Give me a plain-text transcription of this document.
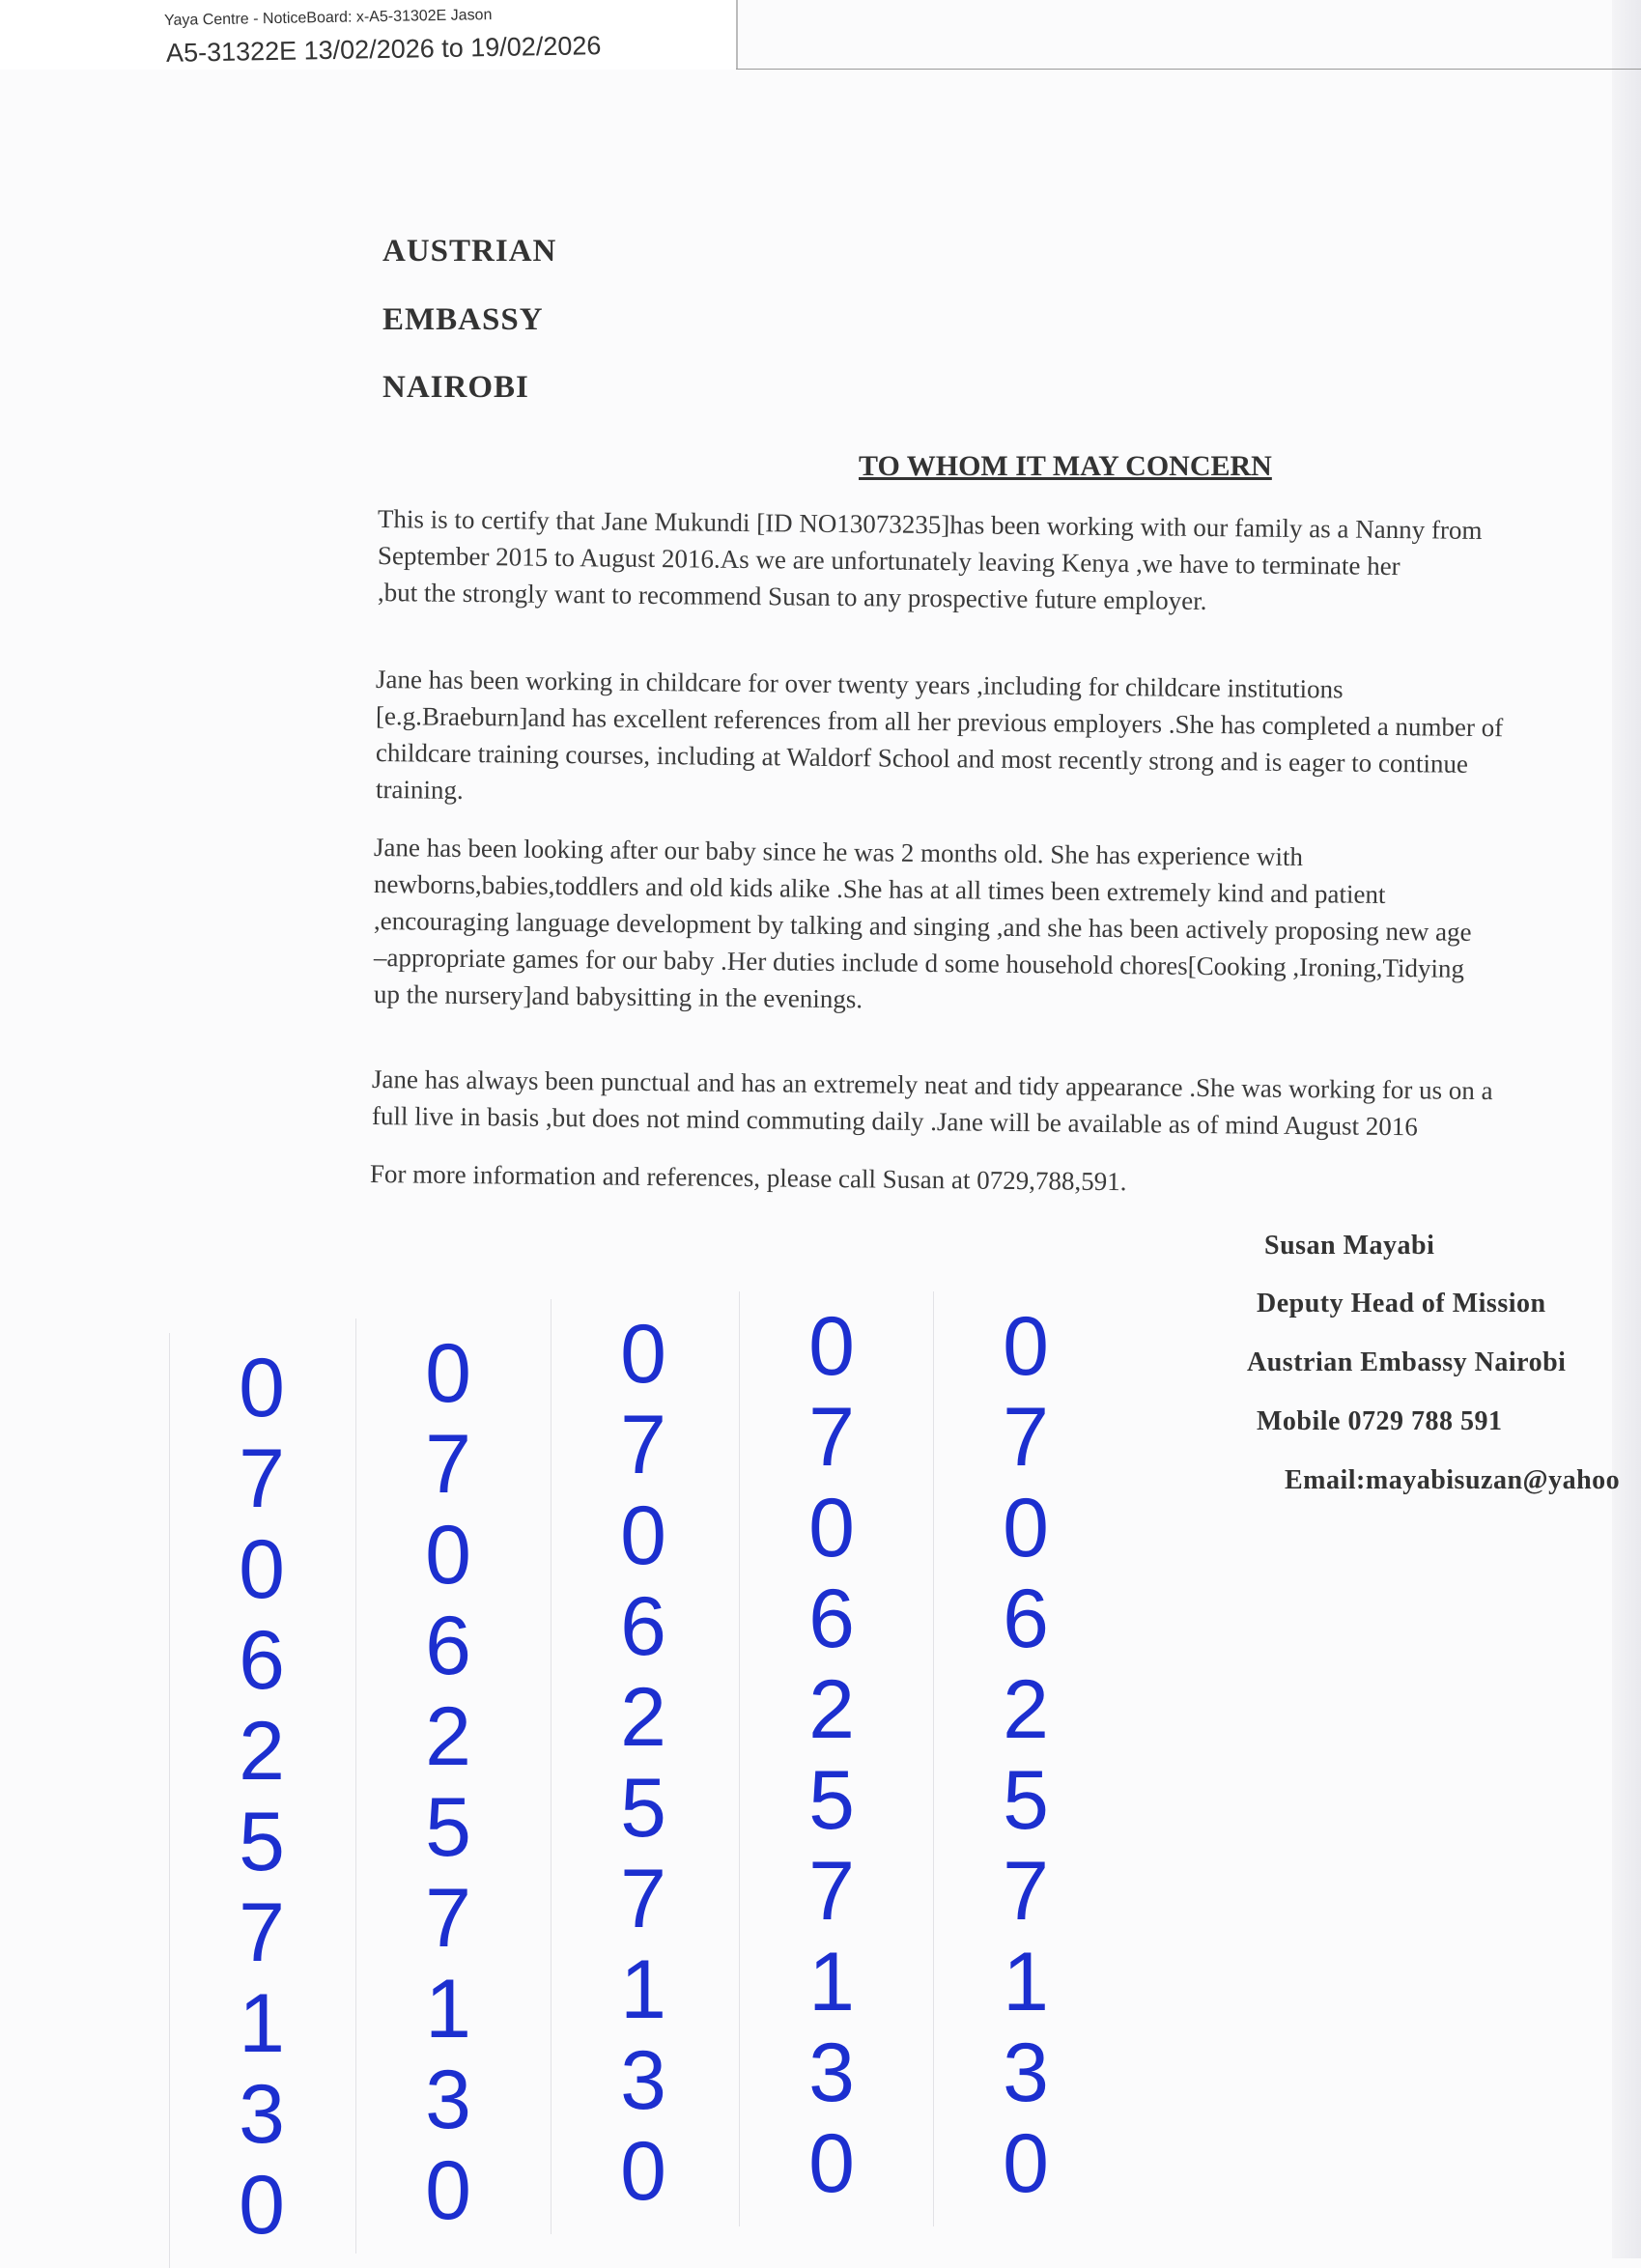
Yaya Centre - NoticeBoard: x-A5-31302E Jason
A5-31322E 13/02/2026 to 19/02/2026
AUSTRIAN
EMBASSY
NAIROBI
TO WHOM IT MAY CONCERN
This is to certify that Jane Mukundi [ID NO13073235]has been working with our family as a Nanny from
September 2015 to August 2016.As we are unfortunately leaving Kenya ,we have to terminate her
,but the strongly want to recommend Susan to any prospective future employer.
Jane has been working in childcare for over twenty years ,including for childcare institutions
[e.g.Braeburn]and has excellent references from all her previous employers .She has completed a number of
childcare training courses, including at Waldorf School and most recently strong and is eager to continue
training.
Jane has been looking after our baby since he was 2 months old. She has experience with
newborns,babies,toddlers and old kids alike .She has at all times been extremely kind and patient
,encouraging language development by talking and singing ,and she has been actively proposing new age
–appropriate games for our baby .Her duties include d some household chores[Cooking ,Ironing,Tidying
up the nursery]and babysitting in the evenings.
Jane has always been punctual and has an extremely neat and tidy appearance .She was working for us on a
full live in basis ,but does not mind commuting daily .Jane will be available as of mind August 2016
For more information and references, please call Susan at 0729,788,591.
Susan Mayabi
Deputy Head of Mission
Austrian Embassy Nairobi
Mobile 0729 788 591
Email:mayabisuzan@yahoo
0
7
0
6
2
5
7
1
3
0
0
7
0
6
2
5
7
1
3
0
0
7
0
6
2
5
7
1
3
0
0
7
0
6
2
5
7
1
3
0
0
7
0
6
2
5
7
1
3
0
